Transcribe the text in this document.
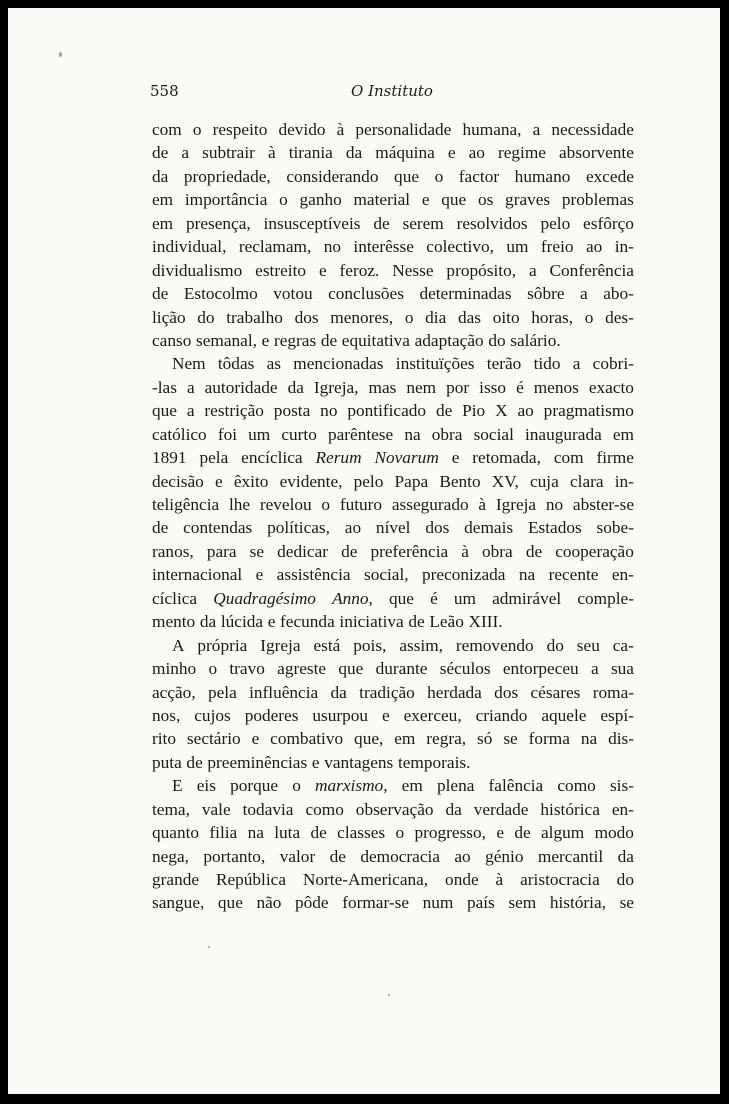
558	O Instituto
com o respeito devido à personalidade humana, a necessidade
de a subtrair à tirania da máquina e ao regime absorvente
da propriedade, considerando que o factor humano excede
em importância o ganho material e que os graves problemas
em presença, insusceptíveis de serem resolvidos pelo esfôrço
individual, reclamam, no interêsse colectivo, um freio ao in-
dividualismo estreito e feroz. Nesse propósito, a Conferência
de Estocolmo votou conclusões determinadas sôbre a abo-
lição do trabalho dos menores, o dia das oito horas, o des-
canso semanal, e regras de equitativa adaptação do salário.
Nem tôdas as mencionadas instituïções terão tido a cobri-
-las a autoridade da Igreja, mas nem por isso é menos exacto
que a restrição posta no pontificado de Pio X ao pragmatismo
católico foi um curto parêntese na obra social inaugurada em
1891 pela encíclica Rerum Novarum e retomada, com firme
decisão e êxito evidente, pelo Papa Bento XV, cuja clara in-
teligência lhe revelou o futuro assegurado à Igreja no abster-se
de contendas políticas, ao nível dos demais Estados sobe-
ranos, para se dedicar de preferência à obra de cooperação
internacional e assistência social, preconizada na recente en-
cíclica Quadragésimo Anno, que é um admirável comple-
mento da lúcida e fecunda iniciativa de Leão XIII.
A própria Igreja está pois, assim, removendo do seu ca-
minho o travo agreste que durante séculos entorpeceu a sua
acção, pela influência da tradição herdada dos césares roma-
nos, cujos poderes usurpou e exerceu, criando aquele espí-
rito sectário e combativo que, em regra, só se forma na dis-
puta de preeminências e vantagens temporais.
E eis porque o marxismo, em plena falência como sis-
tema, vale todavia como observação da verdade histórica en-
quanto filia na luta de classes o progresso, e de algum modo
nega, portanto, valor de democracia ao génio mercantil da
grande República Norte-Americana, onde à aristocracia do
sangue, que não pôde formar-se num país sem história, se
